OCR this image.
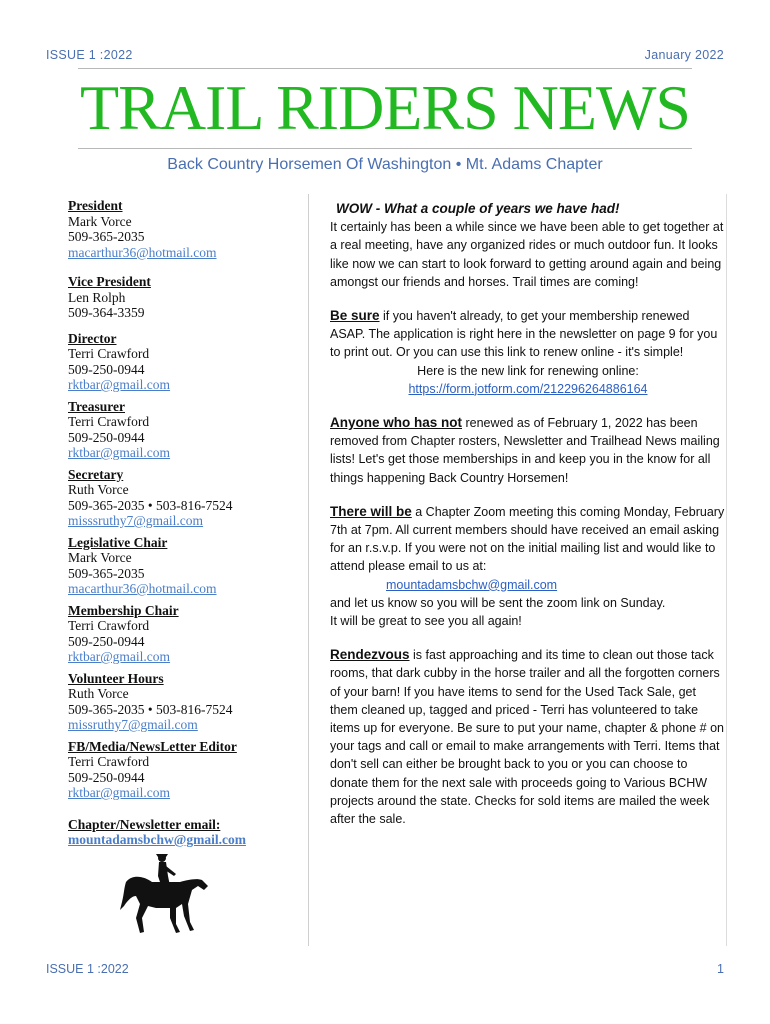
ISSUE 1 :2022	January 2022
TRAIL RIDERS NEWS
Back Country Horsemen Of Washington • Mt. Adams Chapter
President
Mark Vorce
509-365-2035
macarthur36@hotmail.com
Vice President
Len Rolph
509-364-3359
Director
Terri Crawford
509-250-0944
rktbar@gmail.com
Treasurer
Terri Crawford
509-250-0944
rktbar@gmail.com
Secretary
Ruth Vorce
509-365-2035 • 503-816-7524
misssruthy7@gmail.com
Legislative Chair
Mark Vorce
509-365-2035
macarthur36@hotmail.com
Membership Chair
Terri Crawford
509-250-0944
rktbar@gmail.com
Volunteer Hours
Ruth Vorce
509-365-2035 • 503-816-7524
missruthy7@gmail.com
FB/Media/NewsLetter Editor
Terri Crawford
509-250-0944
rktbar@gmail.com
Chapter/Newsletter email:
mountadamsbchw@gmail.com

WOW - What a couple of years we have had!
It certainly has been a while since we have been able to get together at a real meeting, have any organized rides or much outdoor fun. It looks like now we can start to look forward to getting around again and being amongst our friends and horses. Trail times are coming!

Be sure if you haven't already, to get your membership renewed ASAP. The application is right here in the newsletter on page 9 for you to print out. Or you can use this link to renew online - it's simple!
Here is the new link for renewing online:
https://form.jotform.com/212296264886164

Anyone who has not renewed as of February 1, 2022 has been removed from Chapter rosters, Newsletter and Trailhead News mailing lists! Let's get those memberships in and keep you in the know for all things happening Back Country Horsemen!

There will be a Chapter Zoom meeting this coming Monday, February 7th at 7pm. All current members should have received an email asking for an r.s.v.p. If you were not on the initial mailing list and would like to attend please email to us at:
mountadamsbchw@gmail.com
and let us know so you will be sent the zoom link on Sunday.
It will be great to see you all again!

Rendezvous is fast approaching and its time to clean out those tack rooms, that dark cubby in the horse trailer and all the forgotten corners of your barn! If you have items to send for the Used Tack Sale, get them cleaned up, tagged and priced - Terri has volunteered to take items up for everyone. Be sure to put your name, chapter & phone # on your tags and call or email to make arrangements with Terri. Items that don't sell can either be brought back to you or you can choose to donate them for the next sale with proceeds going to Various BCHW projects around the state. Checks for sold items are mailed the week after the sale.

ISSUE 1 :2022	1
